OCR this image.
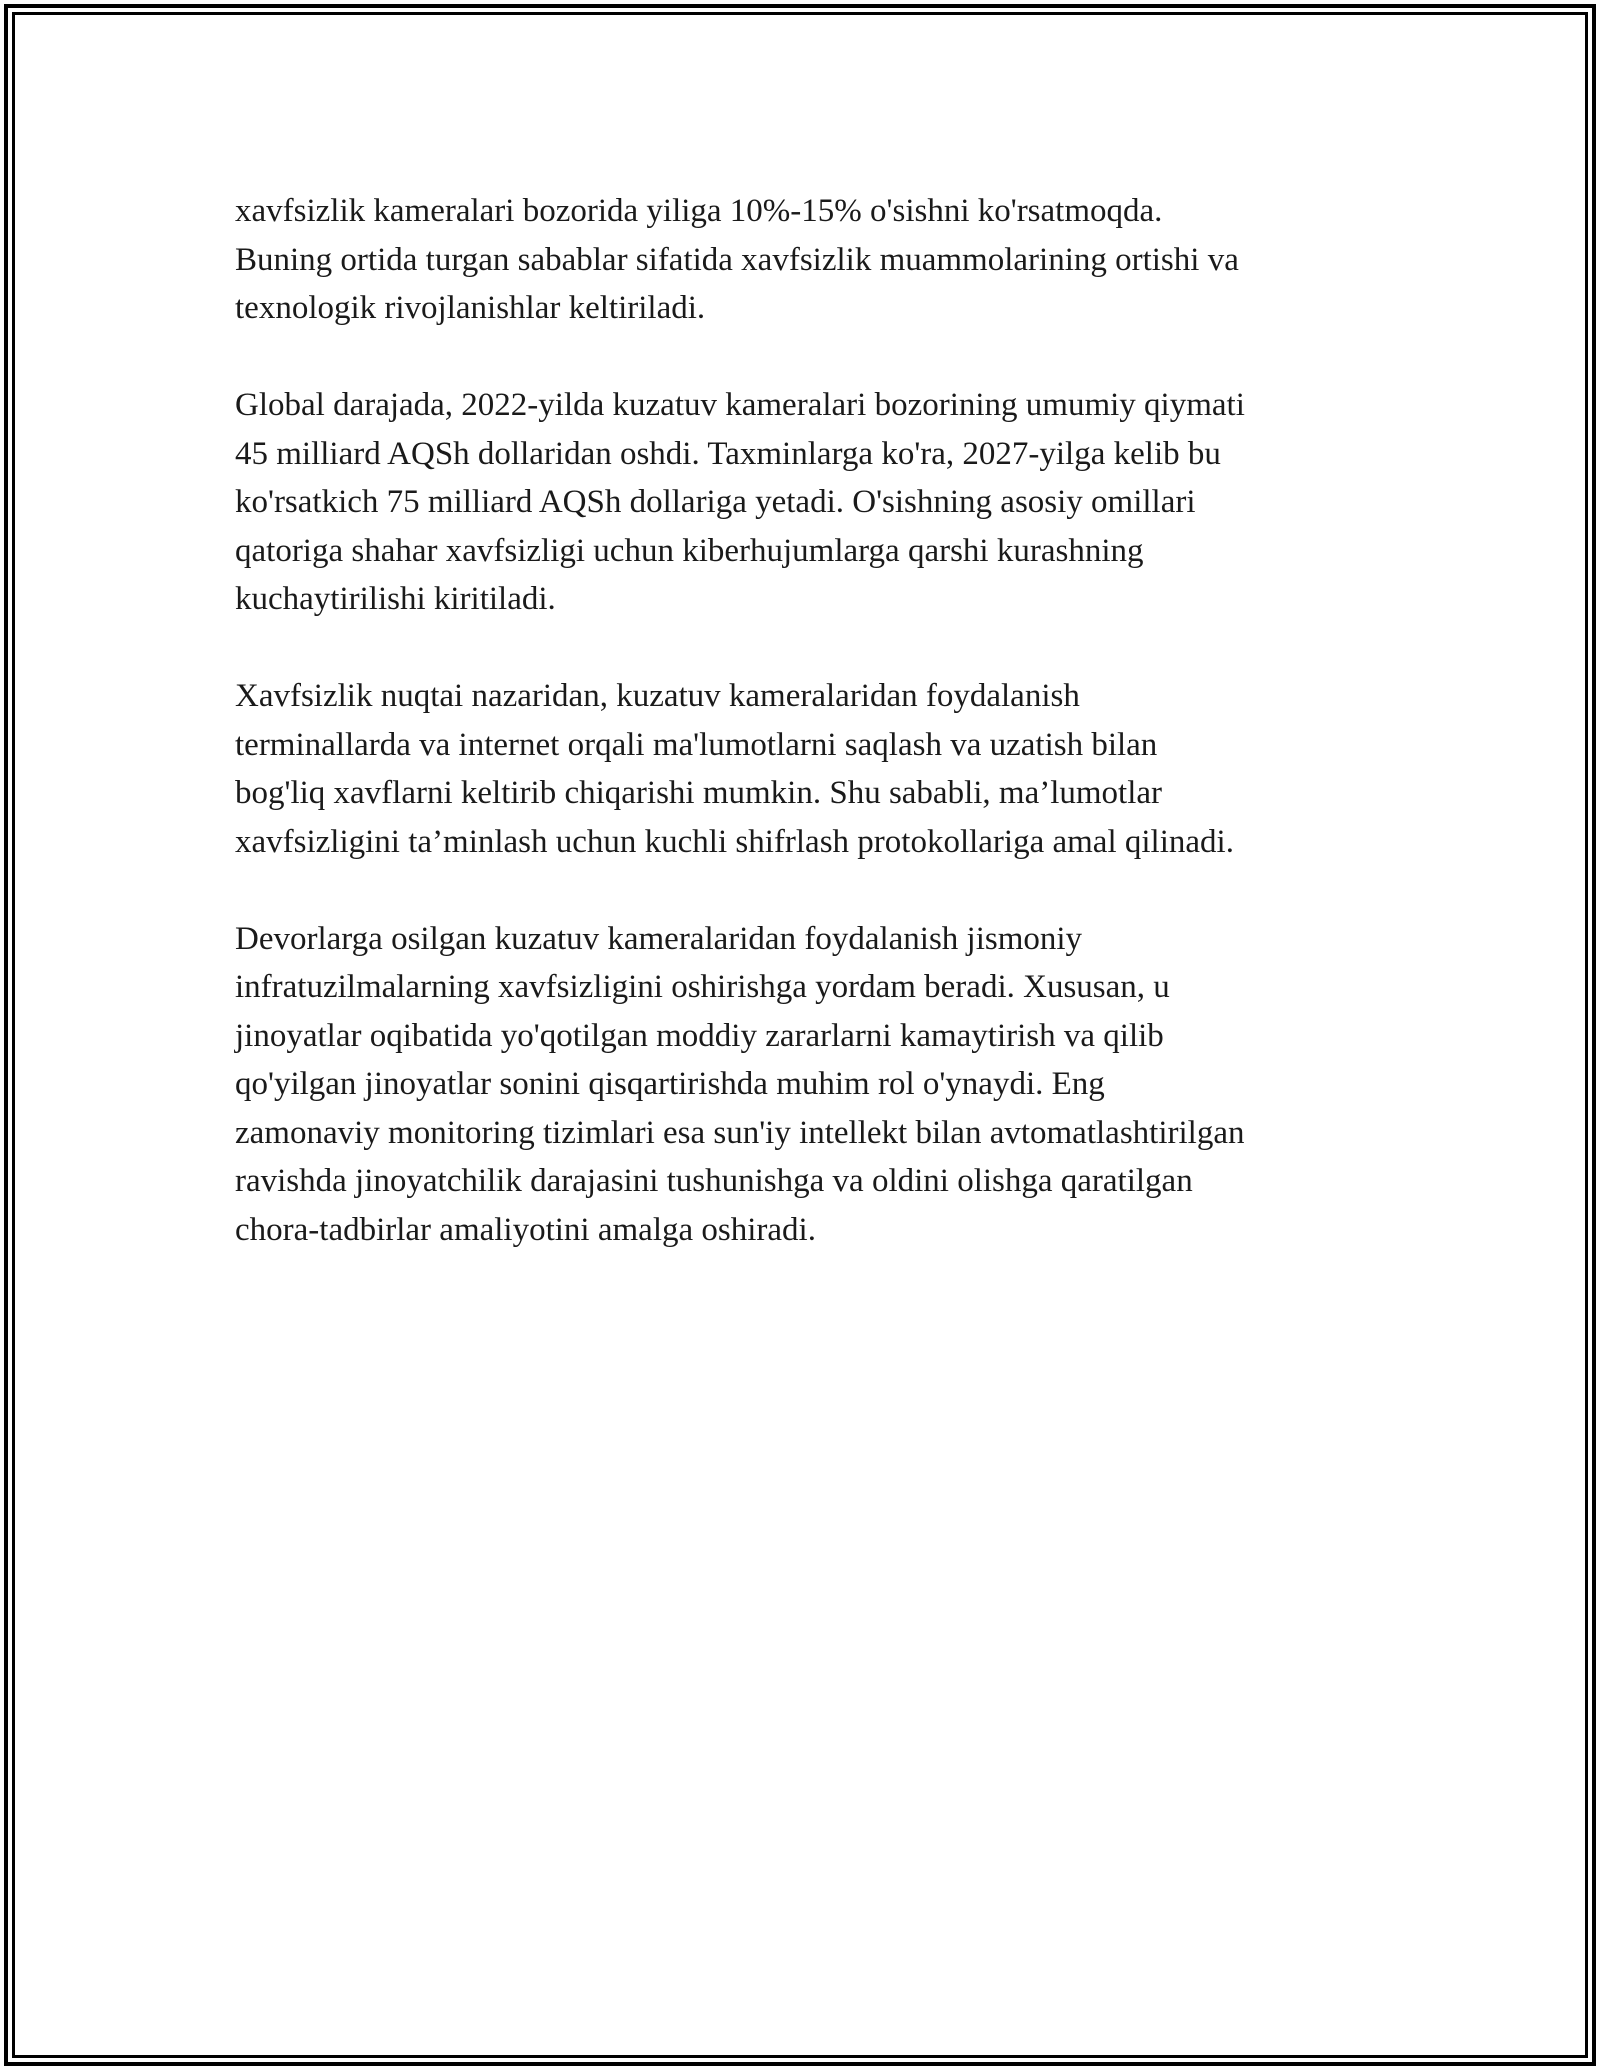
xavfsizlik kameralari bozorida yiliga 10%-15% o'sishni ko'rsatmoqda.
Buning ortida turgan sabablar sifatida xavfsizlik muammolarining ortishi va
texnologik rivojlanishlar keltiriladi.

Global darajada, 2022-yilda kuzatuv kameralari bozorining umumiy qiymati
45 milliard AQSh dollaridan oshdi. Taxminlarga ko'ra, 2027-yilga kelib bu
ko'rsatkich 75 milliard AQSh dollariga yetadi. O'sishning asosiy omillari
qatoriga shahar xavfsizligi uchun kiberhujumlarga qarshi kurashning
kuchaytirilishi kiritiladi.

Xavfsizlik nuqtai nazaridan, kuzatuv kameralaridan foydalanish
terminallarda va internet orqali ma'lumotlarni saqlash va uzatish bilan
bog'liq xavflarni keltirib chiqarishi mumkin. Shu sababli, ma’lumotlar
xavfsizligini ta’minlash uchun kuchli shifrlash protokollariga amal qilinadi.

Devorlarga osilgan kuzatuv kameralaridan foydalanish jismoniy
infratuzilmalarning xavfsizligini oshirishga yordam beradi. Xususan, u
jinoyatlar oqibatida yo'qotilgan moddiy zararlarni kamaytirish va qilib
qo'yilgan jinoyatlar sonini qisqartirishda muhim rol o'ynaydi. Eng
zamonaviy monitoring tizimlari esa sun'iy intellekt bilan avtomatlashtirilgan
ravishda jinoyatchilik darajasini tushunishga va oldini olishga qaratilgan
chora-tadbirlar amaliyotini amalga oshiradi.
